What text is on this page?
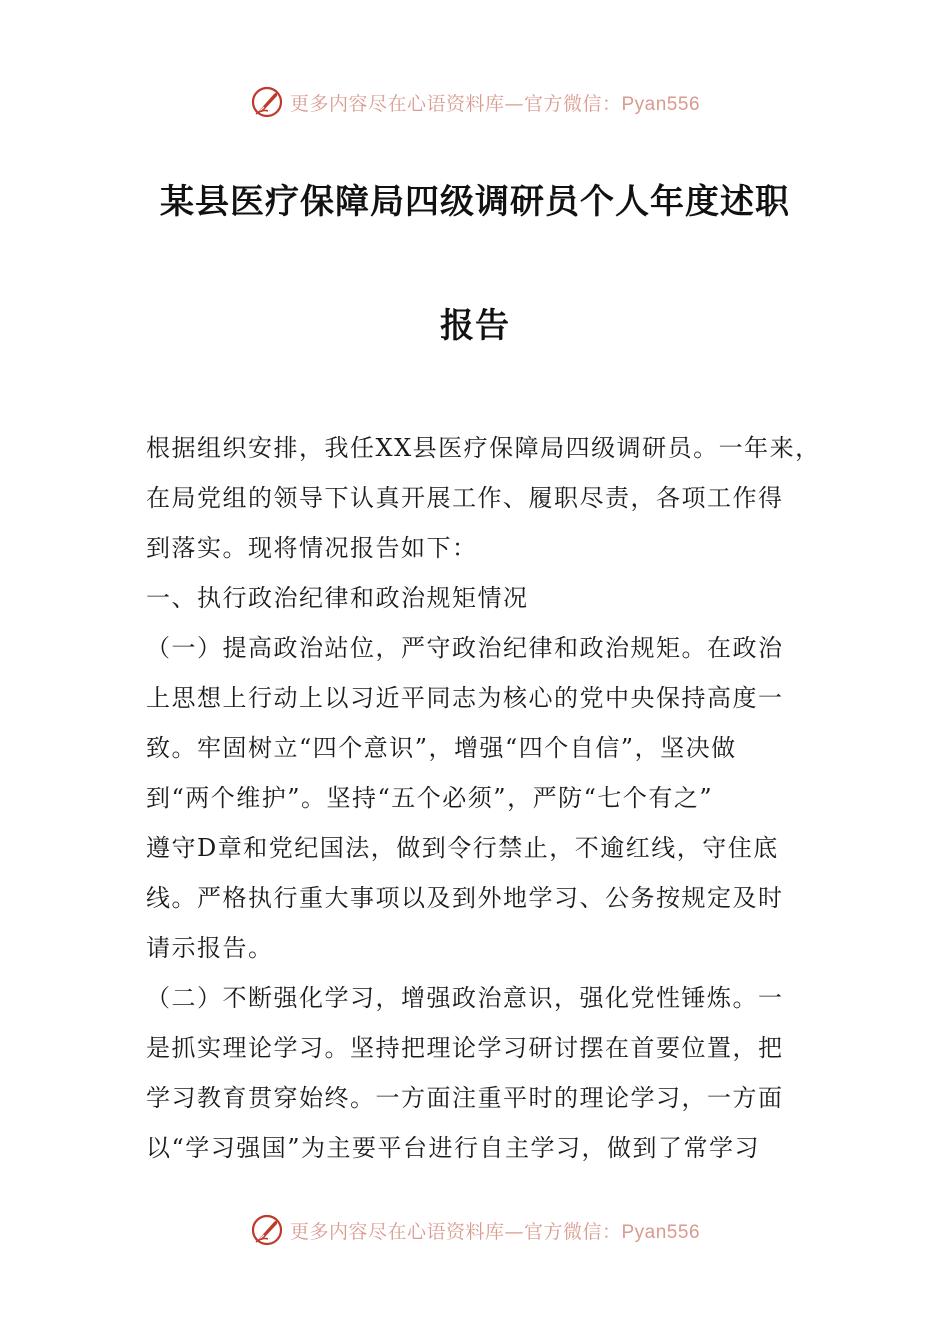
更多内容尽在心语资料库—官方微信：Pyan556
某县医疗保障局四级调研员个人年度述职
报告
根据组织安排，我任XX县医疗保障局四级调研员。一年来，
在局党组的领导下认真开展工作、履职尽责，各项工作得
到落实。现将情况报告如下：
一、执行政治纪律和政治规矩情况
（一）提高政治站位，严守政治纪律和政治规矩。在政治
上思想上行动上以习近平同志为核心的党中央保持高度一
致。牢固树立“四个意识”，增强“四个自信”，坚决做
到“两个维护”。坚持“五个必须”，严防“七个有之”
遵守D章和党纪国法，做到令行禁止，不逾红线，守住底
线。严格执行重大事项以及到外地学习、公务按规定及时
请示报告。
（二）不断强化学习，增强政治意识，强化党性锤炼。一
是抓实理论学习。坚持把理论学习研讨摆在首要位置，把
学习教育贯穿始终。一方面注重平时的理论学习，一方面
以“学习强国”为主要平台进行自主学习，做到了常学习
更多内容尽在心语资料库—官方微信：Pyan556
